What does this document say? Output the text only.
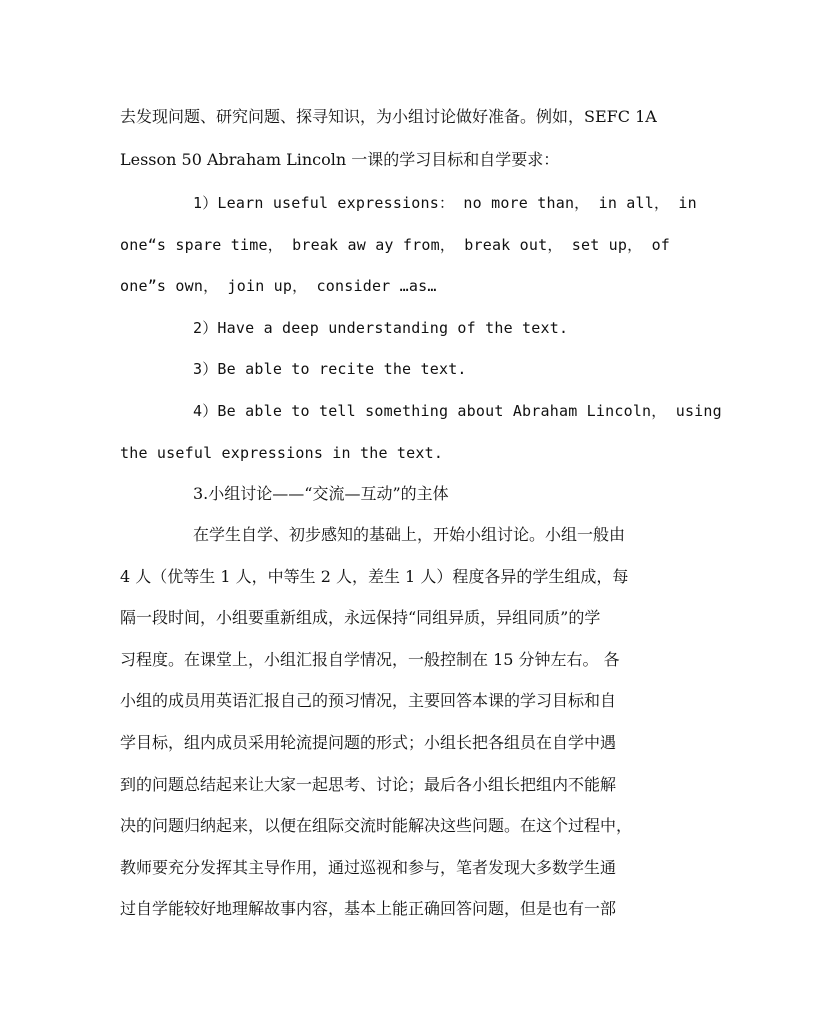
去发现问题、研究问题、探寻知识，为小组讨论做好准备。例如，SEFC 1A
Lesson 50 Abraham Lincoln 一课的学习目标和自学要求：
1）Learn useful expressions： no more than， in all， in
one“s spare time， break aw ay from， break out， set up， of
one”s own， join up， consider …as…
2）Have a deep understanding of the text.
3）Be able to recite the text.
4）Be able to tell something about Abraham Lincoln， using
the useful expressions in the text.
3.小组讨论——“交流—互动”的主体
在学生自学、初步感知的基础上，开始小组讨论。小组一般由
4 人（优等生 1 人，中等生 2 人，差生 1 人）程度各异的学生组成，每
隔一段时间，小组要重新组成，永远保持“同组异质，异组同质”的学
习程度。在课堂上，小组汇报自学情况，一般控制在 15 分钟左右。 各
小组的成员用英语汇报自己的预习情况，主要回答本课的学习目标和自
学目标，组内成员采用轮流提问题的形式；小组长把各组员在自学中遇
到的问题总结起来让大家一起思考、讨论；最后各小组长把组内不能解
决的问题归纳起来，以便在组际交流时能解决这些问题。在这个过程中，
教师要充分发挥其主导作用，通过巡视和参与，笔者发现大多数学生通
过自学能较好地理解故事内容，基本上能正确回答问题，但是也有一部
